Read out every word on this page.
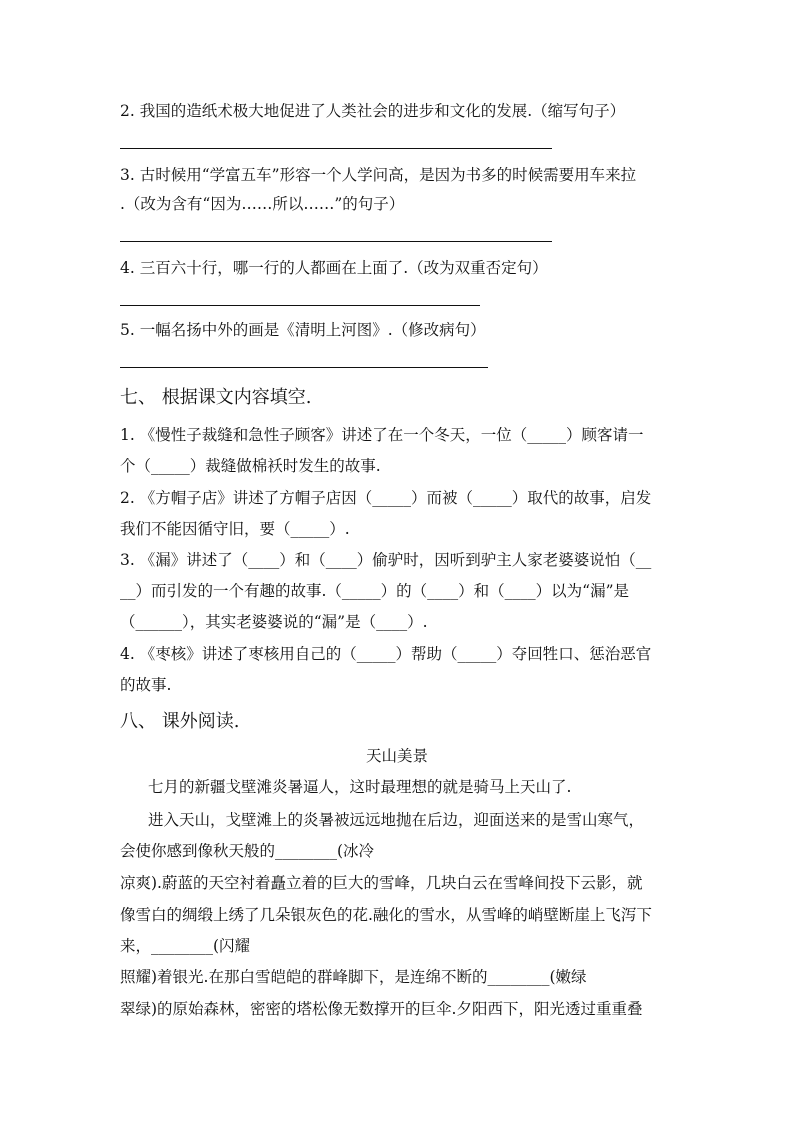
2. 我国的造纸术极大地促进了人类社会的进步和文化的发展.（缩写句子）
3. 古时候用“学富五车”形容一个人学问高，是因为书多的时候需要用车来拉
.（改为含有“因为……所以……”的句子）
4. 三百六十行，哪一行的人都画在上面了.（改为双重否定句）
5. 一幅名扬中外的画是《清明上河图》.（修改病句）
七、 根据课文内容填空.
1. 《慢性子裁缝和急性子顾客》讲述了在一个冬天，一位（_____）顾客请一
个（_____）裁缝做棉袄时发生的故事.
2. 《方帽子店》讲述了方帽子店因（_____）而被（_____）取代的故事，启发
我们不能因循守旧，要（_____）.
3. 《漏》讲述了（____）和（____）偷驴时，因听到驴主人家老婆婆说怕（__
__）而引发的一个有趣的故事.（_____）的（____）和（____）以为“漏”是
（______），其实老婆婆说的“漏”是（____）.
4. 《枣核》讲述了枣核用自己的（_____）帮助（_____）夺回牲口、惩治恶官
的故事.
八、 课外阅读.
天山美景
七月的新疆戈壁滩炎暑逼人，这时最理想的就是骑马上天山了.
进入天山，戈壁滩上的炎暑被远远地抛在后边，迎面送来的是雪山寒气，
会使你感到像秋天般的________(冰冷
凉爽).蔚蓝的天空衬着矗立着的巨大的雪峰，几块白云在雪峰间投下云影，就
像雪白的绸缎上绣了几朵银灰色的花.融化的雪水，从雪峰的峭壁断崖上飞泻下
来，________(闪耀
照耀)着银光.在那白雪皑皑的群峰脚下，是连绵不断的________(嫩绿
翠绿)的原始森林，密密的塔松像无数撑开的巨伞.夕阳西下，阳光透过重重叠
